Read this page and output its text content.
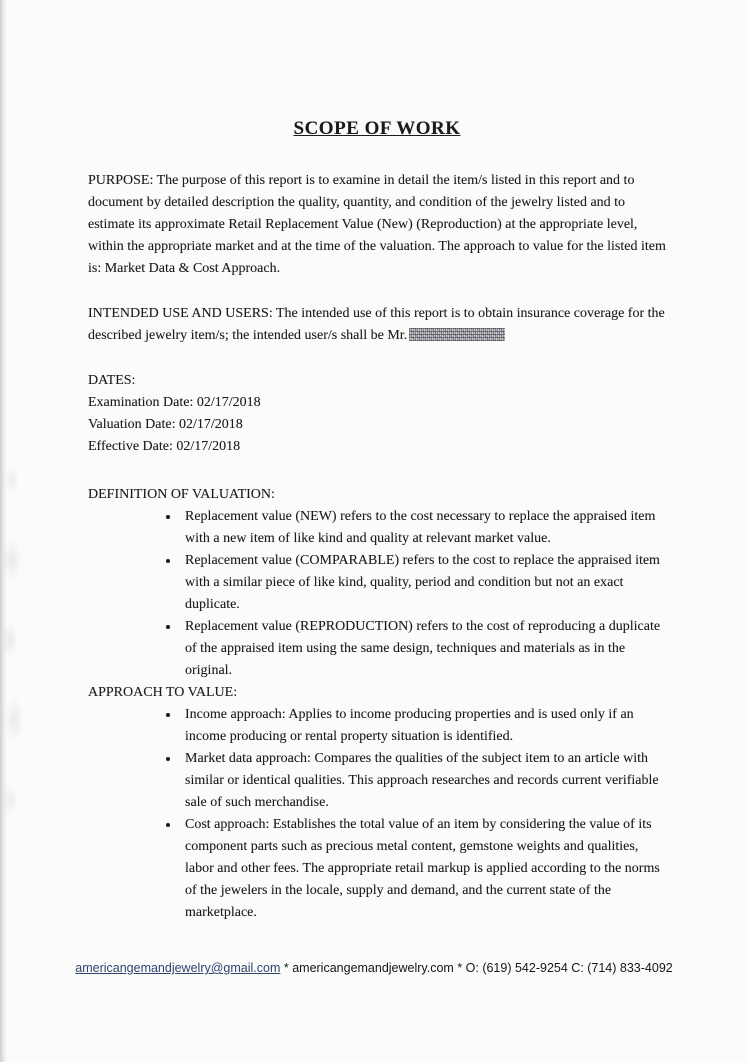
SCOPE OF WORK

PURPOSE: The purpose of this report is to examine in detail the item/s listed in this report and to document by detailed description the quality, quantity, and condition of the jewelry listed and to estimate its approximate Retail Replacement Value (New) (Reproduction) at the appropriate level, within the appropriate market and at the time of the valuation. The approach to value for the listed item is: Market Data & Cost Approach.

INTENDED USE AND USERS: The intended use of this report is to obtain insurance coverage for the described jewelry item/s; the intended user/s shall be Mr.

DATES:
Examination Date: 02/17/2018
Valuation Date: 02/17/2018
Effective Date: 02/17/2018
DEFINITION OF VALUATION:
• Replacement value (NEW) refers to the cost necessary to replace the appraised item with a new item of like kind and quality at relevant market value.
• Replacement value (COMPARABLE) refers to the cost to replace the appraised item with a similar piece of like kind, quality, period and condition but not an exact duplicate.
• Replacement value (REPRODUCTION) refers to the cost of reproducing a duplicate of the appraised item using the same design, techniques and materials as in the original.
APPROACH TO VALUE:
• Income approach: Applies to income producing properties and is used only if an income producing or rental property situation is identified.
• Market data approach: Compares the qualities of the subject item to an article with similar or identical qualities. This approach researches and records current verifiable sale of such merchandise.
• Cost approach: Establishes the total value of an item by considering the value of its component parts such as precious metal content, gemstone weights and qualities, labor and other fees. The appropriate retail markup is applied according to the norms of the jewelers in the locale, supply and demand, and the current state of the marketplace.
americangemandjewelry@gmail.com * americangemandjewelry.com * O: (619) 542-9254 C: (714) 833-4092
